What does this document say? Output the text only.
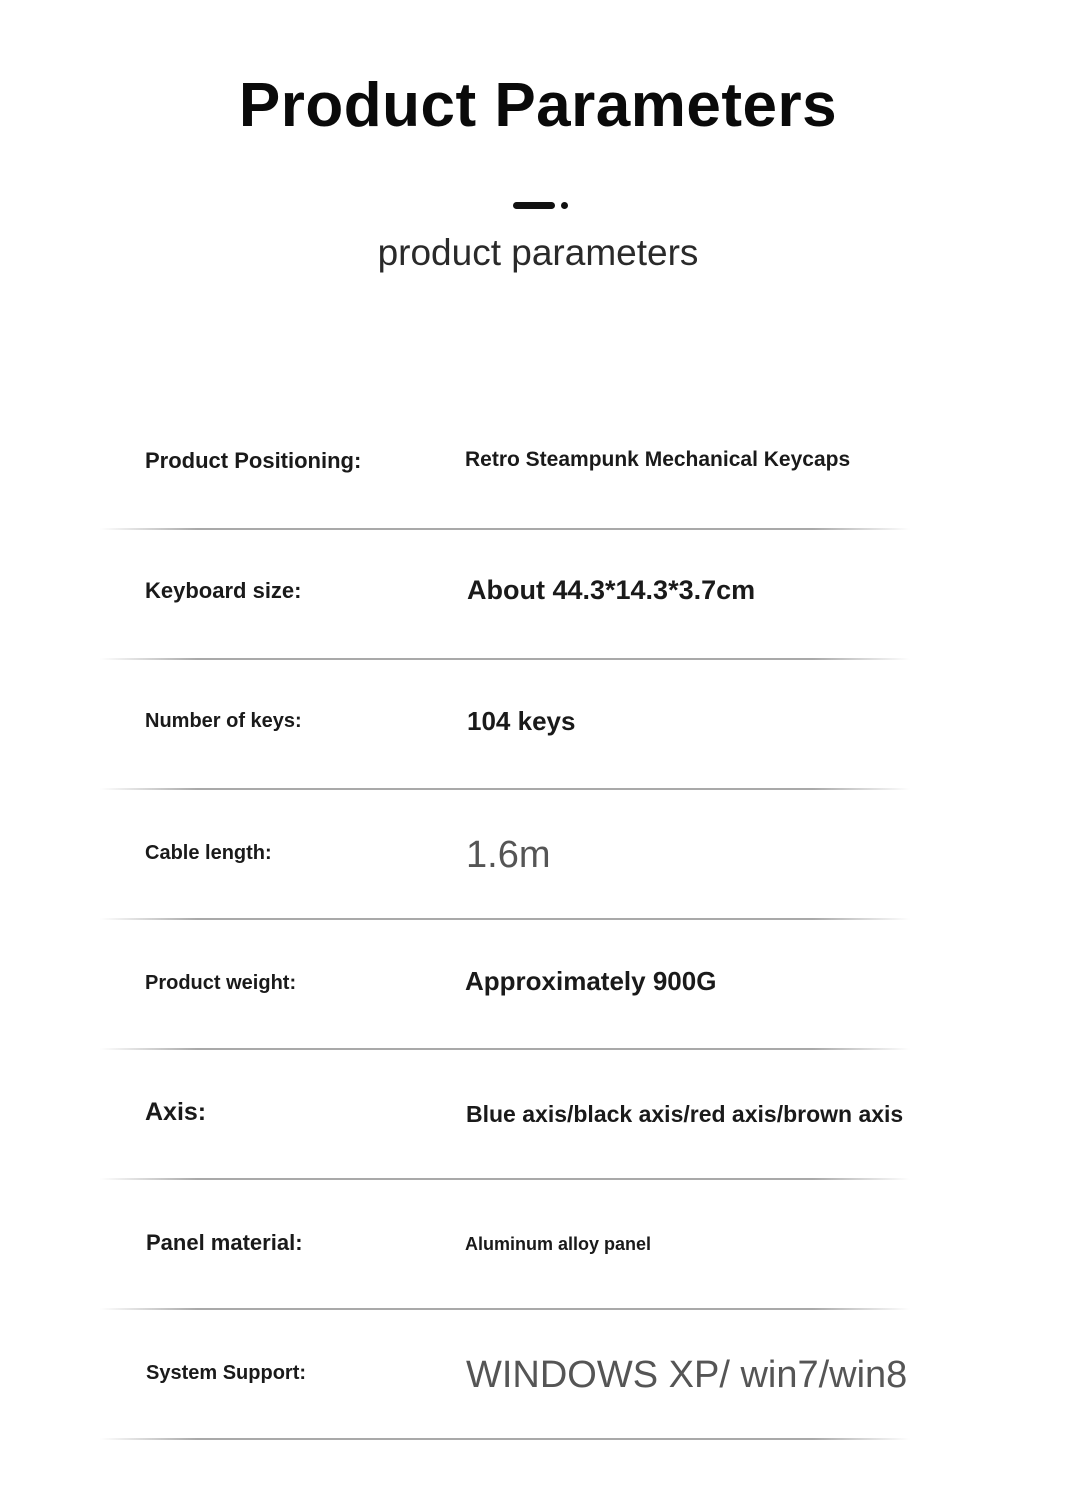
Product Parameters
product parameters
Product Positioning:	Retro Steampunk Mechanical Keycaps
Keyboard size:	About 44.3*14.3*3.7cm
Number of keys:	104 keys
Cable length:	1.6m
Product weight:	Approximately 900G
Axis:	Blue axis/black axis/red axis/brown axis
Panel material:	Aluminum alloy panel
System Support:	WINDOWS XP/ win7/win8
